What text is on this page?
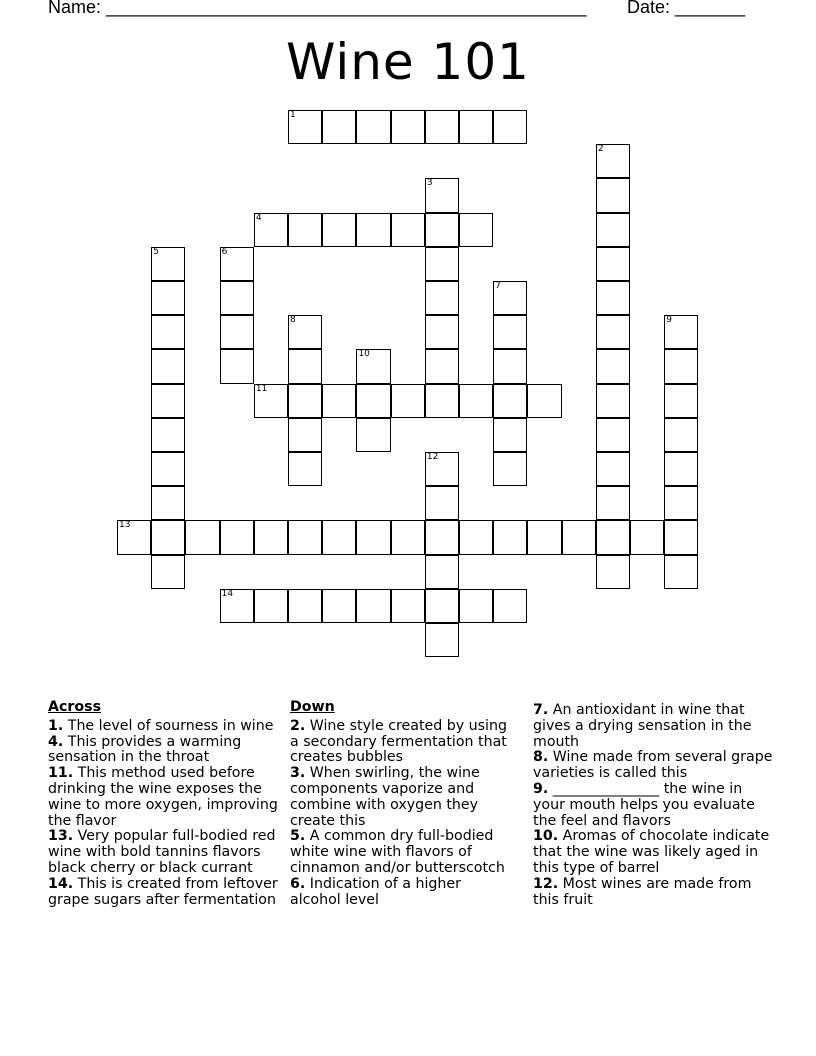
Name: ________________________________________________ Date: _______
Wine 101
1
2
3
4
5	6
7
8	9
10
11
12
13
14
Across
1. The level of sourness in wine
4. This provides a warming sensation in the throat
11. This method used before drinking the wine exposes the wine to more oxygen, improving the flavor
13. Very popular full-bodied red wine with bold tannins flavors black cherry or black currant
14. This is created from leftover grape sugars after fermentation
Down
2. Wine style created by using a secondary fermentation that creates bubbles
3. When swirling, the wine components vaporize and combine with oxygen they create this
5. A common dry full-bodied white wine with flavors of cinnamon and/or butterscotch
6. Indication of a higher alcohol level
7. An antioxidant in wine that gives a drying sensation in the mouth
8. Wine made from several grape varieties is called this
9. _______________ the wine in your mouth helps you evaluate the feel and flavors
10. Aromas of chocolate indicate that the wine was likely aged in this type of barrel
12. Most wines are made from this fruit
